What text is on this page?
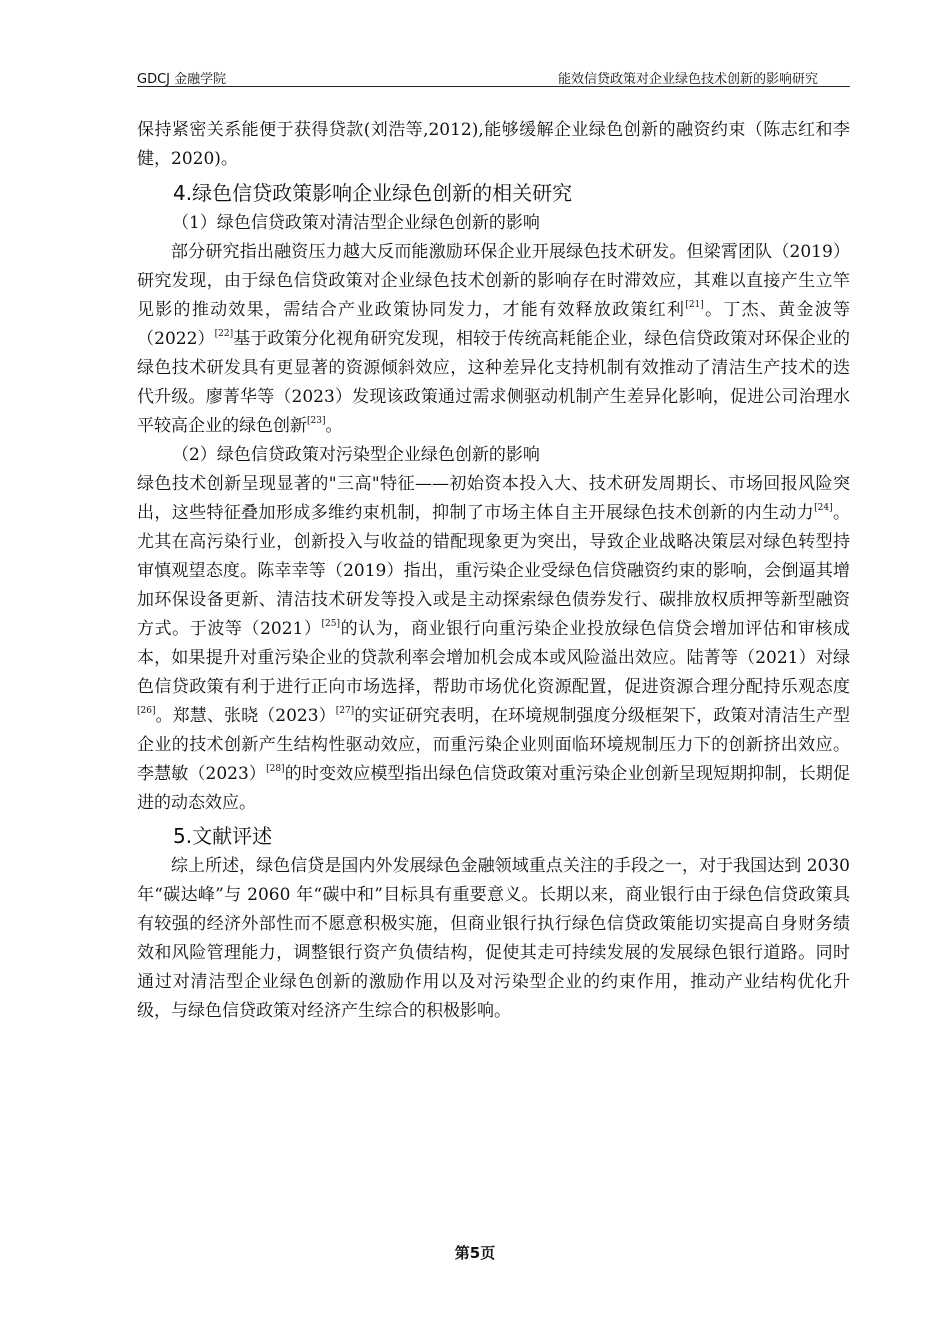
GDCJ 金融学院	能效信贷政策对企业绿色技术创新的影响研究

保持紧密关系能便于获得贷款(刘浩等,2012),能够缓解企业绿色创新的融资约束（陈志红和李健，2020)。

4.绿色信贷政策影响企业绿色创新的相关研究
（1）绿色信贷政策对清洁型企业绿色创新的影响

部分研究指出融资压力越大反而能激励环保企业开展绿色技术研发。但梁霄团队（2019）研究发现，由于绿色信贷政策对企业绿色技术创新的影响存在时滞效应，其难以直接产生立竿见影的推动效果，需结合产业政策协同发力，才能有效释放政策红利[21]。丁杰、黄金波等（2022）[22]基于政策分化视角研究发现，相较于传统高耗能企业，绿色信贷政策对环保企业的绿色技术研发具有更显著的资源倾斜效应，这种差异化支持机制有效推动了清洁生产技术的迭代升级。廖菁华等（2023）发现该政策通过需求侧驱动机制产生差异化影响，促进公司治理水平较高企业的绿色创新[23]。

（2）绿色信贷政策对污染型企业绿色创新的影响

绿色技术创新呈现显著的"三高"特征——初始资本投入大、技术研发周期长、市场回报风险突出，这些特征叠加形成多维约束机制，抑制了市场主体自主开展绿色技术创新的内生动力[24]。尤其在高污染行业，创新投入与收益的错配现象更为突出，导致企业战略决策层对绿色转型持审慎观望态度。陈幸幸等（2019）指出，重污染企业受绿色信贷融资约束的影响，会倒逼其增加环保设备更新、清洁技术研发等投入或是主动探索绿色债券发行、碳排放权质押等新型融资方式。于波等（2021）[25]的认为，商业银行向重污染企业投放绿色信贷会增加评估和审核成本，如果提升对重污染企业的贷款利率会增加机会成本或风险溢出效应。陆菁等（2021）对绿色信贷政策有利于进行正向市场选择，帮助市场优化资源配置，促进资源合理分配持乐观态度[26]。郑慧、张晓（2023）[27]的实证研究表明，在环境规制强度分级框架下，政策对清洁生产型企业的技术创新产生结构性驱动效应，而重污染企业则面临环境规制压力下的创新挤出效应。李慧敏（2023）[28]的时变效应模型指出绿色信贷政策对重污染企业创新呈现短期抑制，长期促进的动态效应。

5.文献评述

综上所述，绿色信贷是国内外发展绿色金融领域重点关注的手段之一，对于我国达到 2030 年“碳达峰”与 2060 年“碳中和”目标具有重要意义。长期以来，商业银行由于绿色信贷政策具有较强的经济外部性而不愿意积极实施，但商业银行执行绿色信贷政策能切实提高自身财务绩效和风险管理能力，调整银行资产负债结构，促使其走可持续发展的发展绿色银行道路。同时通过对清洁型企业绿色创新的激励作用以及对污染型企业的约束作用，推动产业结构优化升级，与绿色信贷政策对经济产生综合的积极影响。

第5页
